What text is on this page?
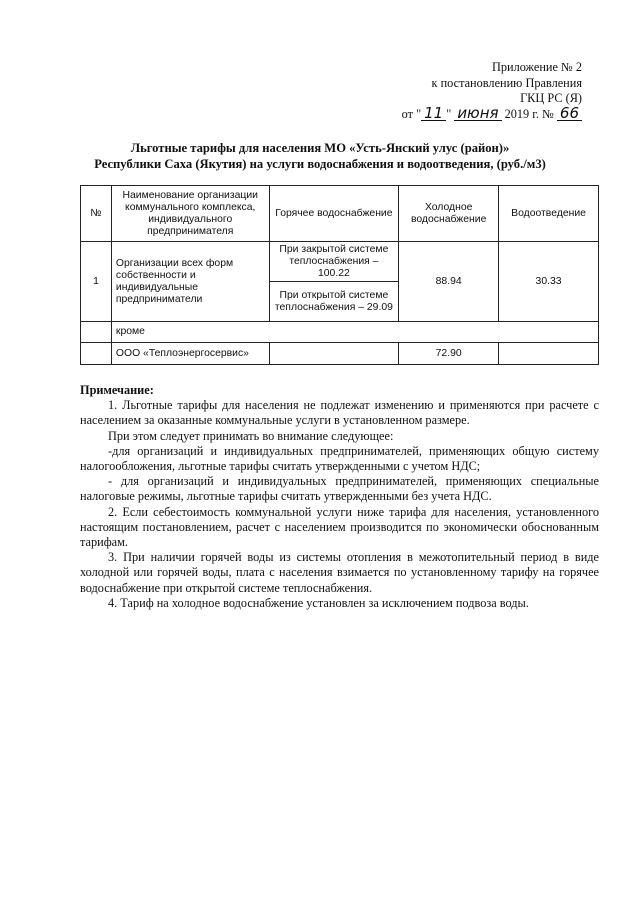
Приложение № 2
к постановлению Правления
ГКЦ РС (Я)
от " 11 " июня 2019 г. № 66
Льготные тарифы для населения МО «Усть-Янский улус (район)»
Республики Саха (Якутия) на услуги водоснабжения и водоотведения, (руб./м3)
№	Наименование организации коммунального комплекса, индивидуального предпринимателя	Горячее водоснабжение	Холодное водоснабжение	Водоотведение
1	Организации всех форм собственности и индивидуальные предприниматели	При закрытой системе теплоснабжения – 100.22	88.94	30.33
		При открытой системе теплоснабжения – 29.09		
	кроме			
	ООО «Теплоэнергосервис»		72.90	

Примечание:

1. Льготные тарифы для населения не подлежат изменению и применяются при расчете с населением за оказанные коммунальные услуги в установленном размере.

При этом следует принимать во внимание следующее:

-для организаций и индивидуальных предпринимателей, применяющих общую систему налогообложения, льготные тарифы считать утвержденными с учетом НДС;

- для организаций и индивидуальных предпринимателей, применяющих специальные налоговые режимы, льготные тарифы считать утвержденными без учета НДС.

2. Если себестоимость коммунальной услуги ниже тарифа для населения, установленного настоящим постановлением, расчет с населением производится по экономически обоснованным тарифам.

3. При наличии горячей воды из системы отопления в межотопительный период в виде холодной или горячей воды, плата с населения взимается по установленному тарифу на горячее водоснабжение при открытой системе теплоснабжения.

4. Тариф на холодное водоснабжение установлен за исключением подвоза воды.
